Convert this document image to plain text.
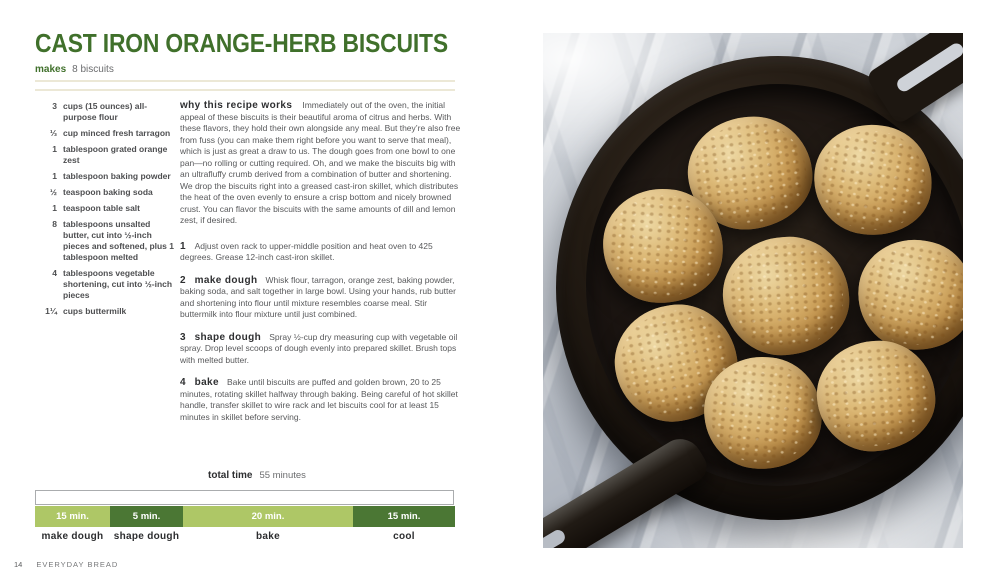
CAST IRON ORANGE-HERB BISCUITS
makes 8 biscuits
3 cups (15 ounces) all-purpose flour
⅓ cup minced fresh tarragon
1 tablespoon grated orange zest
1 tablespoon baking powder
½ teaspoon baking soda
1 teaspoon table salt
8 tablespoons unsalted butter, cut into ½-inch pieces and softened, plus 1 tablespoon melted
4 tablespoons vegetable shortening, cut into ½-inch pieces
1¼ cups buttermilk

why this recipe works Immediately out of the oven, the initial appeal of these biscuits is their beautiful aroma of citrus and herbs. With these flavors, they hold their own alongside any meal. But they’re also free from fuss (you can make them right before you want to serve that meal), which is just as great a draw to us. The dough goes from one bowl to one pan—no rolling or cutting required. Oh, and we make the biscuits big with an ultrafluffy crumb derived from a combination of butter and shortening. We drop the biscuits right into a greased cast-iron skillet, which distributes the heat of the oven evenly to ensure a crisp bottom and nicely browned crust. You can flavor the biscuits with the same amounts of dill and lemon zest, if desired.

1 Adjust oven rack to upper-middle position and heat oven to 425 degrees. Grease 12-inch cast-iron skillet.

2 make dough Whisk flour, tarragon, orange zest, baking powder, baking soda, and salt together in large bowl. Using your hands, rub butter and shortening into flour until mixture resembles coarse meal. Stir buttermilk into flour mixture until just combined.

3 shape dough Spray ½-cup dry measuring cup with vegetable oil spray. Drop level scoops of dough evenly into prepared skillet. Brush tops with melted butter.

4 bake Bake until biscuits are puffed and golden brown, 20 to 25 minutes, rotating skillet halfway through baking. Being careful of hot skillet handle, transfer skillet to wire rack and let biscuits cool for at least 15 minutes in skillet before serving.

total time 55 minutes
15 min.	5 min.	20 min.	15 min.
make dough	shape dough	bake	cool
14 EVERYDAY BREAD
